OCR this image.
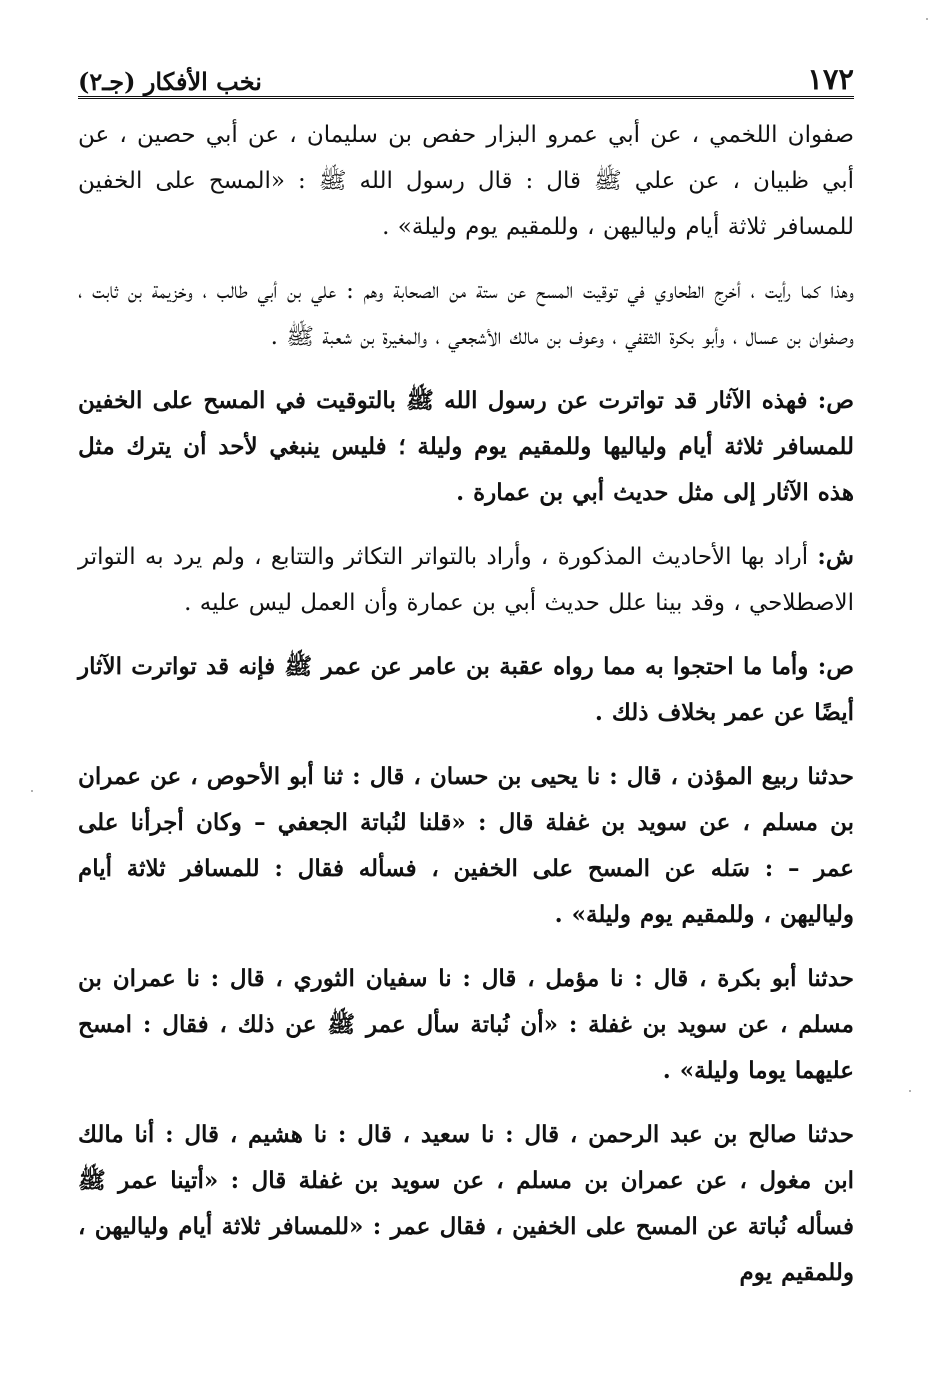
١٧٢
نخب الأفكار (جـ٢)

صفوان اللخمي ، عن أبي عمرو البزار حفص بن سليمان ، عن أبي حصين ، عن أبي ظبيان ، عن علي ﷺ قال : قال رسول الله ﷺ : «المسح على الخفين للمسافر ثلاثة أيام ولياليهن ، وللمقيم يوم وليلة» .

وهذا كما رأيت ، أخرج الطحاوي في توقيت المسح عن ستة من الصحابة وهم : علي بن أبي طالب ، وخزيمة بن ثابت ، وصفوان بن عسال ، وأبو بكرة الثقفي ، وعوف بن مالك الأشجعي ، والمغيرة بن شعبة ﷺ .

ص: فهذه الآثار قد تواترت عن رسول الله ﷺ بالتوقيت في المسح على الخفين للمسافر ثلاثة أيام ولياليها وللمقيم يوم وليلة ؛ فليس ينبغي لأحد أن يترك مثل هذه الآثار إلى مثل حديث أبي بن عمارة .

ش: أراد بها الأحاديث المذكورة ، وأراد بالتواتر التكاثر والتتابع ، ولم يرد به التواتر الاصطلاحي ، وقد بينا علل حديث أبي بن عمارة وأن العمل ليس عليه .

ص: وأما ما احتجوا به مما رواه عقبة بن عامر عن عمر ﷺ فإنه قد تواترت الآثار أيضًا عن عمر بخلاف ذلك .

حدثنا ربيع المؤذن ، قال : نا يحيى بن حسان ، قال : ثنا أبو الأحوص ، عن عمران بن مسلم ، عن سويد بن غفلة قال : «قلنا لنُباتة الجعفي – وكان أجرأنا على عمر – : سَله عن المسح على الخفين ، فسأله فقال : للمسافر ثلاثة أيام ولياليهن ، وللمقيم يوم وليلة» .

حدثنا أبو بكرة ، قال : نا مؤمل ، قال : نا سفيان الثوري ، قال : نا عمران بن مسلم ، عن سويد بن غفلة : «أن نُباتة سأل عمر ﷺ عن ذلك ، فقال : امسح عليهما يوما وليلة» .

حدثنا صالح بن عبد الرحمن ، قال : نا سعيد ، قال : نا هشيم ، قال : أنا مالك ابن مغول ، عن عمران بن مسلم ، عن سويد بن غفلة قال : «أتينا عمر ﷺ فسأله نُباتة عن المسح على الخفين ، فقال عمر : «للمسافر ثلاثة أيام ولياليهن ، وللمقيم يوم
